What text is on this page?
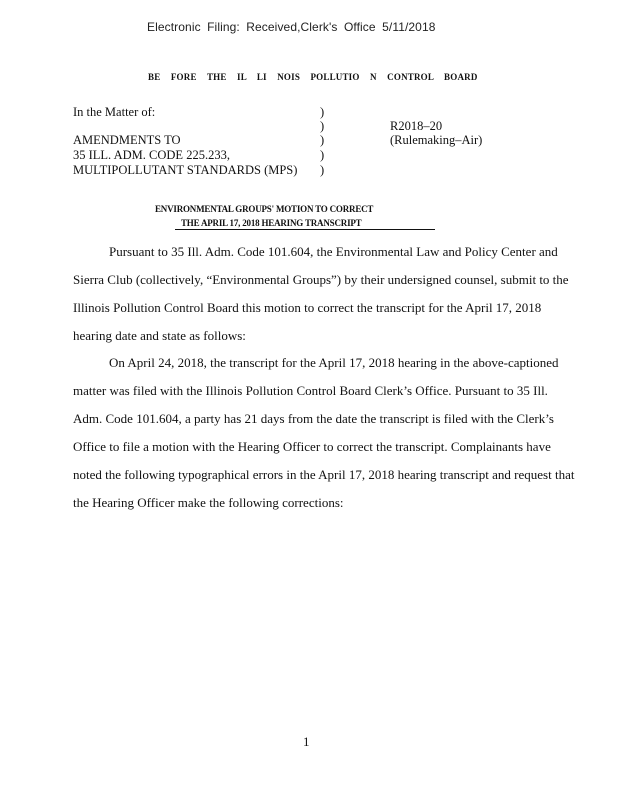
Electronic Filing: Received,Clerk's Office 5/11/2018
BE FORE THE IL LI NOIS POLLUTIO N CONTROL BOARD
In the Matter of:
AMENDMENTS TO
35 ILL. ADM. CODE 225.233,
MULTIPOLLUTANT STANDARDS (MPS)
)
)
)
)
)
R2018–20
(Rulemaking–Air)
ENVIRONMENTAL GROUPS' MOTION TO CORRECT
THE APRIL 17, 2018 HEARING TRANSCRIPT
Pursuant to 35 Ill. Adm. Code 101.604, the Environmental Law and Policy Center and
Sierra Club (collectively, “Environmental Groups”) by their undersigned counsel, submit to the
Illinois Pollution Control Board this motion to correct the transcript for the April 17, 2018
hearing date and state as follows:
On April 24, 2018, the transcript for the April 17, 2018 hearing in the above-captioned
matter was filed with the Illinois Pollution Control Board Clerk’s Office. Pursuant to 35 Ill.
Adm. Code 101.604, a party has 21 days from the date the transcript is filed with the Clerk’s
Office to file a motion with the Hearing Officer to correct the transcript. Complainants have
noted the following typographical errors in the April 17, 2018 hearing transcript and request that
the Hearing Officer make the following corrections:
1
